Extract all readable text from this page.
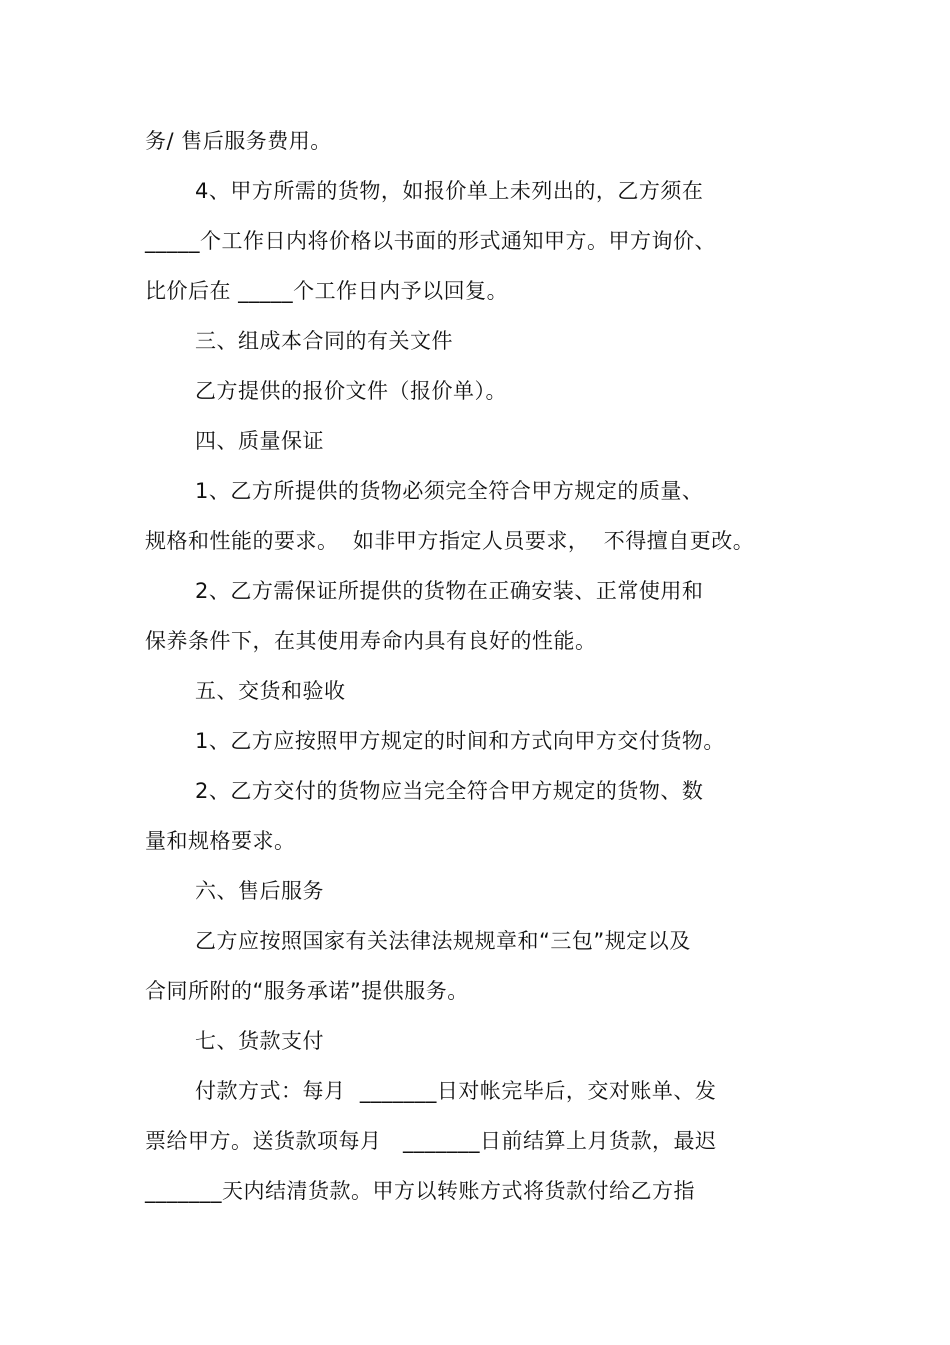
务/ 售后服务费用。
4、甲方所需的货物，如报价单上未列出的，乙方须在
_____个工作日内将价格以书面的形式通知甲方。甲方询价、
比价后在 _____个工作日内予以回复。
三、组成本合同的有关文件
乙方提供的报价文件（报价单）。
四、质量保证
1、乙方所提供的货物必须完全符合甲方规定的质量、
规格和性能的要求。  如非甲方指定人员要求，  不得擅自更改。
2、乙方需保证所提供的货物在正确安装、正常使用和
保养条件下，在其使用寿命内具有良好的性能。
五、交货和验收
1、乙方应按照甲方规定的时间和方式向甲方交付货物。
2、乙方交付的货物应当完全符合甲方规定的货物、数
量和规格要求。
六、售后服务
乙方应按照国家有关法律法规规章和“三包”规定以及
合同所附的“服务承诺”提供服务。
七、货款支付
付款方式：每月  _______日对帐完毕后，交对账单、发
票给甲方。送货款项每月   _______日前结算上月货款，最迟
_______天内结清货款。甲方以转账方式将货款付给乙方指
